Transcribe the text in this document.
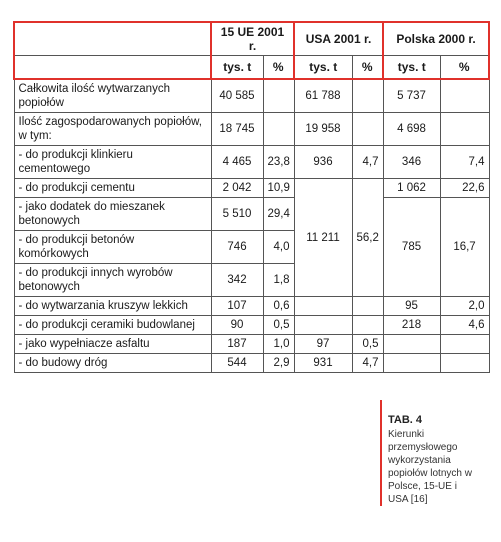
	15 UE 2001 r.		USA 2001 r.		Polska 2000 r.	
	tys. t	%	tys. t	%	tys. t	%
Całkowita ilość wytwarzanych popiołów	40 585		61 788		5 737	
Ilość zagospodarowanych popiołów, w tym:	18 745		19 958		4 698	
- do produkcji klinkieru cementowego	4 465	23,8	936	4,7	346	7,4
- do produkcji cementu	2 042	10,9	11 211	56,2	1 062	22,6
- jako dodatek do mieszanek betonowych	5 510	29,4			785	16,7
- do produkcji betonów komórkowych	746	4,0				
- do produkcji innych wyrobów betonowych	342	1,8				
- do wytwarzania kruszyw lekkich	107	0,6			95	2,0
- do produkcji ceramiki budowlanej	90	0,5			218	4,6
- jako wypełniacze asfaltu	187	1,0	97	0,5		
- do budowy dróg	544	2,9	931	4,7		
TAB. 4
Kierunki przemysłowego wykorzystania popiołów lotnych w Polsce, 15-UE i USA [16]
